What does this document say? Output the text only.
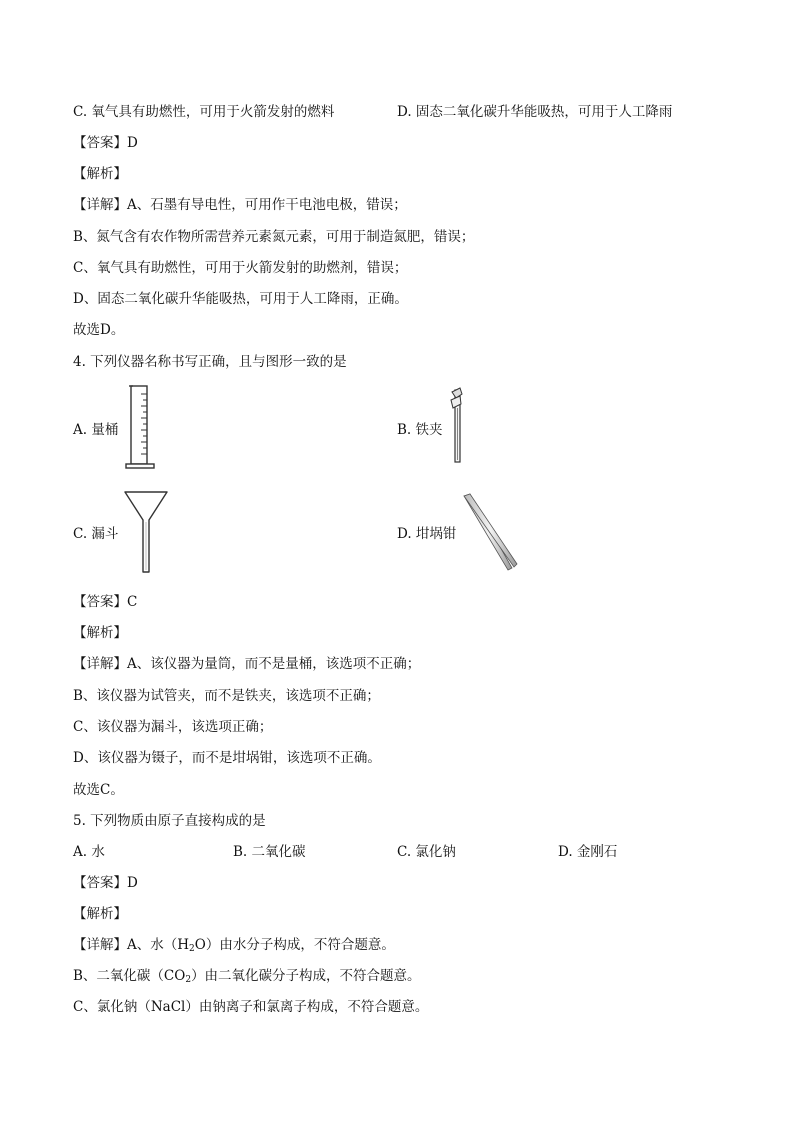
C. 氧气具有助燃性，可用于火箭发射的燃料	D. 固态二氧化碳升华能吸热，可用于人工降雨
【答案】D
【解析】
【详解】A、石墨有导电性，可用作干电池电极，错误；
B、氮气含有农作物所需营养元素氮元素，可用于制造氮肥，错误；
C、氧气具有助燃性，可用于火箭发射的助燃剂，错误；
D、固态二氧化碳升华能吸热，可用于人工降雨，正确。
故选D。
4. 下列仪器名称书写正确，且与图形一致的是
A. 量桶	B. 铁夹
C. 漏斗	D. 坩埚钳
【答案】C
【解析】
【详解】A、该仪器为量筒，而不是量桶，该选项不正确；
B、该仪器为试管夹，而不是铁夹，该选项不正确；
C、该仪器为漏斗，该选项正确；
D、该仪器为镊子，而不是坩埚钳，该选项不正确。
故选C。
5. 下列物质由原子直接构成的是
A. 水	B. 二氧化碳	C. 氯化钠	D. 金刚石
【答案】D
【解析】
【详解】A、水$(H_2O)$由水分子构成，不符合题意。
B、二氧化碳$(CO_2)$由二氧化碳分子构成，不符合题意。
C、氯化钠（NaCl）由钠离子和氯离子构成，不符合题意。
